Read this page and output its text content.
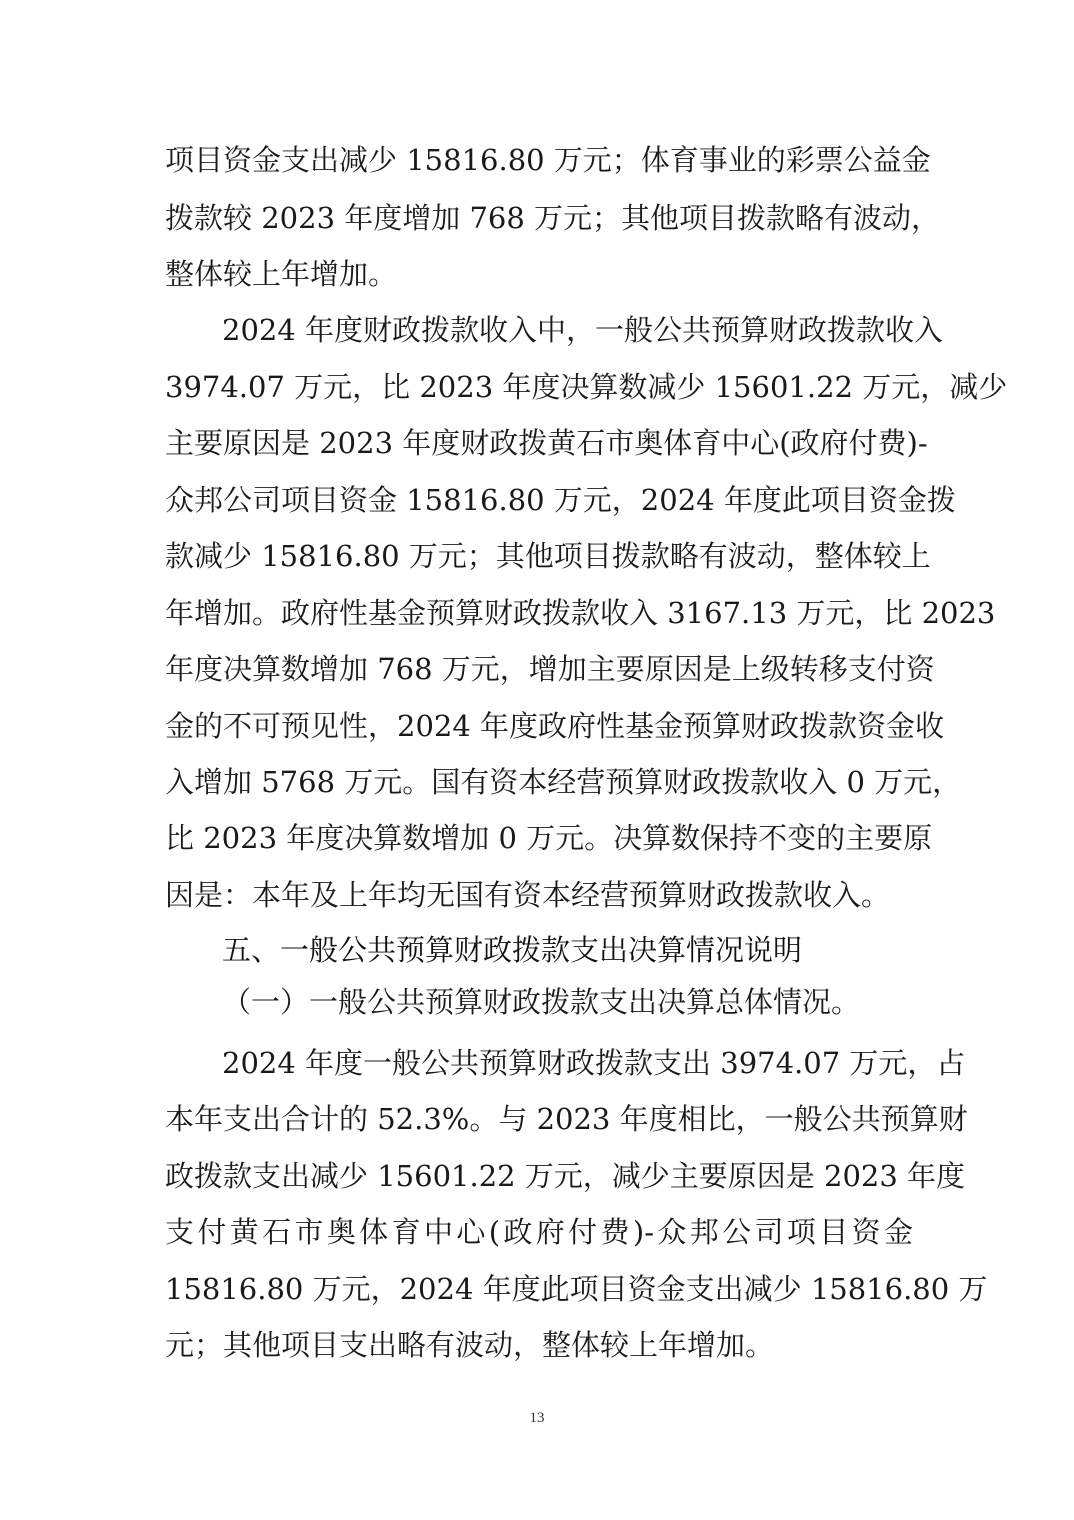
项目资金支出减少 15816.80 万元；体育事业的彩票公益金
拨款较 2023 年度增加 768 万元；其他项目拨款略有波动，
整体较上年增加。
2024 年度财政拨款收入中，一般公共预算财政拨款收入
3974.07 万元，比 2023 年度决算数减少 15601.22 万元，减少
主要原因是 2023 年度财政拨黄石市奥体育中心(政府付费)-
众邦公司项目资金 15816.80 万元，2024 年度此项目资金拨
款减少 15816.80 万元；其他项目拨款略有波动，整体较上
年增加。政府性基金预算财政拨款收入 3167.13 万元，比 2023
年度决算数增加 768 万元，增加主要原因是上级转移支付资
金的不可预见性，2024 年度政府性基金预算财政拨款资金收
入增加 5768 万元。国有资本经营预算财政拨款收入 0 万元，
比 2023 年度决算数增加 0 万元。决算数保持不变的主要原
因是：本年及上年均无国有资本经营预算财政拨款收入。
五、一般公共预算财政拨款支出决算情况说明
（一）一般公共预算财政拨款支出决算总体情况。
2024 年度一般公共预算财政拨款支出 3974.07 万元，占
本年支出合计的 52.3%。与 2023 年度相比，一般公共预算财
政拨款支出减少 15601.22 万元，减少主要原因是 2023 年度
支付黄石市奥体育中心(政府付费)-众邦公司项目资金
15816.80 万元，2024 年度此项目资金支出减少 15816.80 万
元；其他项目支出略有波动，整体较上年增加。
13
